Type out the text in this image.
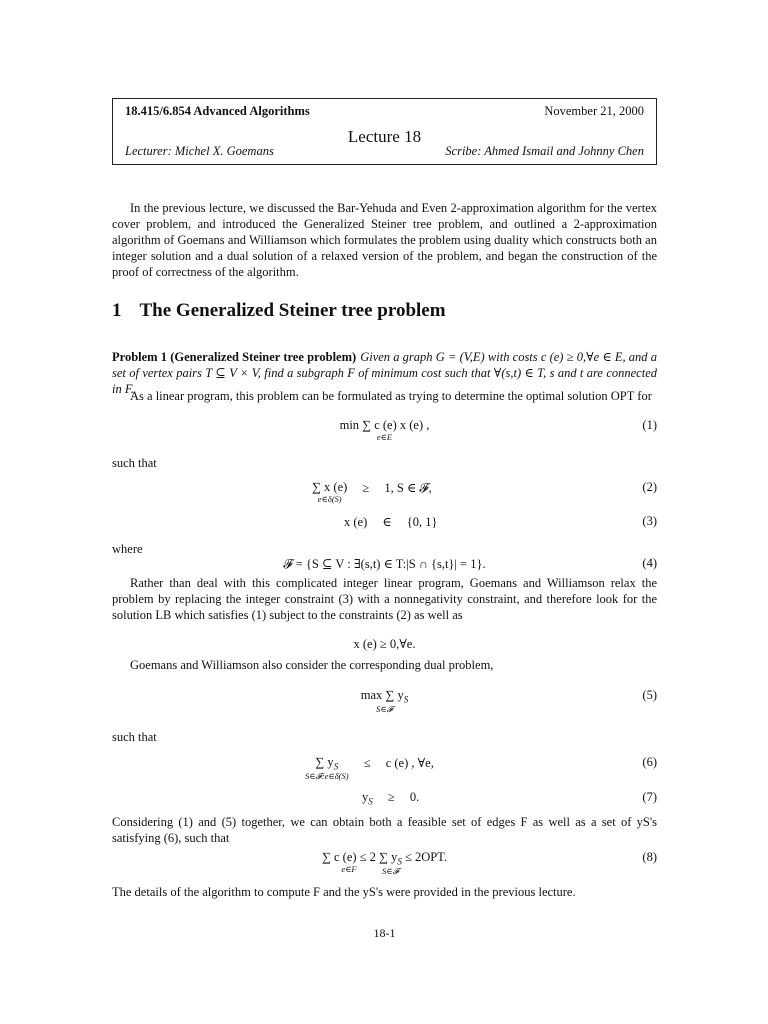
18.415/6.854 Advanced Algorithms	November 21, 2000
Lecture 18
Lecturer: Michel X. Goemans	Scribe: Ahmed Ismail and Johnny Chen

In the previous lecture, we discussed the Bar-Yehuda and Even 2-approximation algorithm for the vertex cover problem, and introduced the Generalized Steiner tree problem, and outlined a 2-approximation algorithm of Goemans and Williamson which formulates the problem using duality which constructs both an integer solution and a dual solution of a relaxed version of the problem, and began the construction of the proof of correctness of the algorithm.

1 The Generalized Steiner tree problem

Problem 1 (Generalized Steiner tree problem) Given a graph G = (V,E) with costs c (e) ≥ 0,∀e ∈ E, and a set of vertex pairs T ⊆ V × V, find a subgraph F of minimum cost such that ∀(s,t) ∈ T, s and t are connected in F.

As a linear program, this problem can be formulated as trying to determine the optimal solution OPT for

min ∑ c (e) x (e) ,
e∈E
(1)

such that

∑ x (e)
e∈δ(S)
≥ 1, S ∈ 𝓕,	(2)
x (e) ∈ {0, 1}	(3)

where

𝓕 = {S ⊆ V : ∃(s,t) ∈ T:|S ∩ {s,t}| = 1}.	(4)

Rather than deal with this complicated integer linear program, Goemans and Williamson relax the problem by replacing the integer constraint (3) with a nonnegativity constraint, and therefore look for the solution LB which satisfies (1) subject to the constraints (2) as well as

x (e) ≥ 0,∀e.

Goemans and Williamson also consider the corresponding dual problem,

max ∑ $y_S$
S∈𝓕
(5)

such that

∑ $y_S$
S∈𝓕:e∈δ(S)
≤ c (e) , ∀e,	(6)
$y_S \ge 0$.	(7)

Considering (1) and (5) together, we can obtain both a feasible set of edges F as well as a set of yS's satisfying (6), such that

∑ c (e) ≤ 2
e∈F
∑ $y_S$
S∈𝓕
≤ 2OPT.	(8)

The details of the algorithm to compute F and the yS's were provided in the previous lecture.

18-1
